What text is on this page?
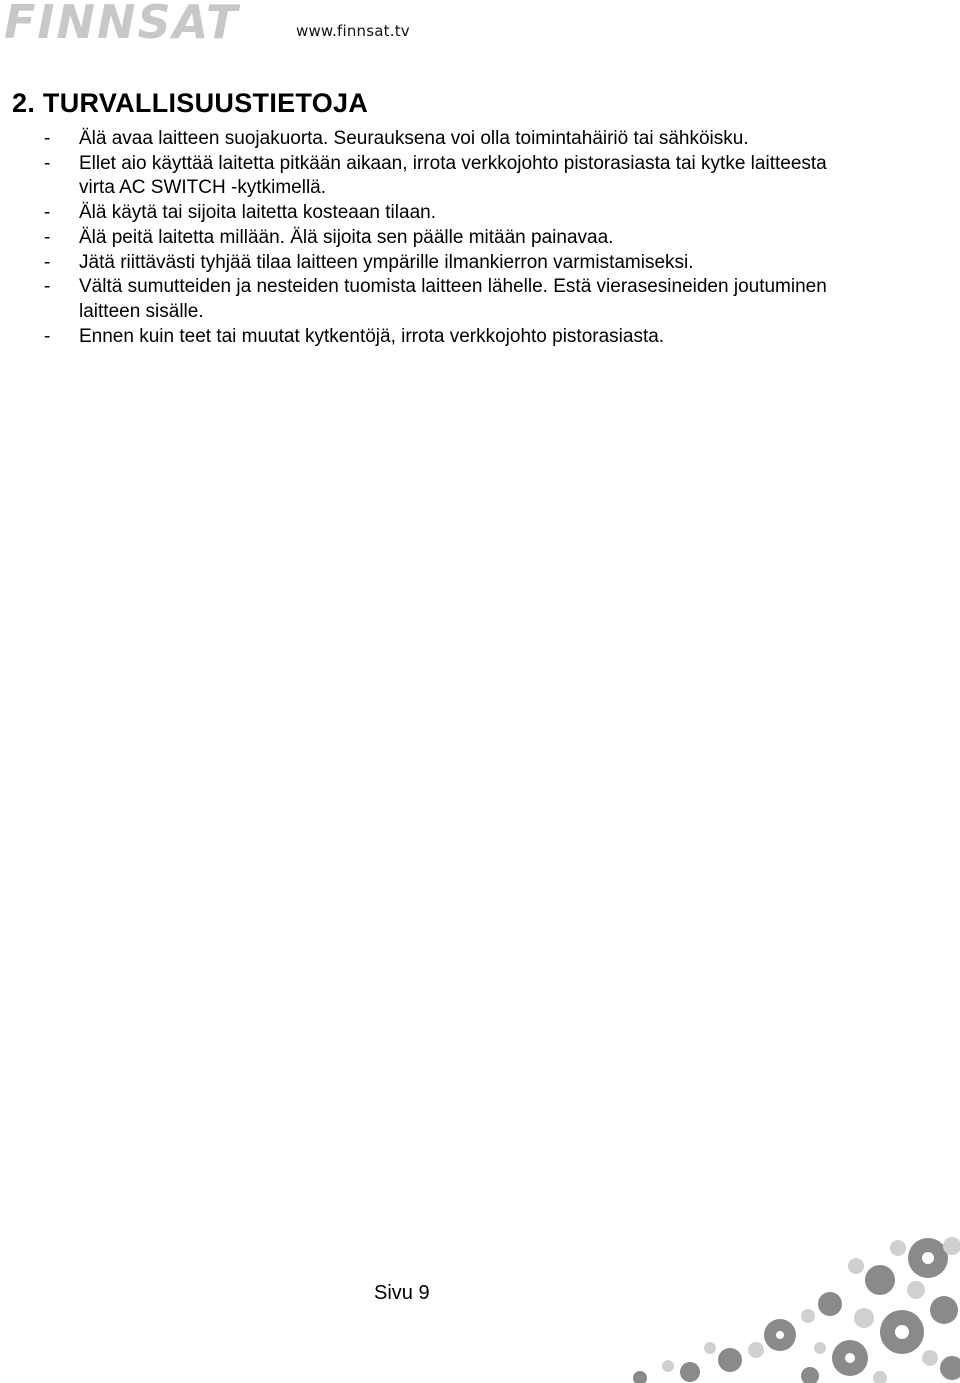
FINNSAT	www.finnsat.tv
2. TURVALLISUUSTIETOJA
- Älä avaa laitteen suojakuorta. Seurauksena voi olla toimintahäiriö tai sähköisku.
- Ellet aio käyttää laitetta pitkään aikaan, irrota verkkojohto pistorasiasta tai kytke laitteesta virta AC SWITCH -kytkimellä.
- Älä käytä tai sijoita laitetta kosteaan tilaan.
- Älä peitä laitetta millään. Älä sijoita sen päälle mitään painavaa.
- Jätä riittävästi tyhjää tilaa laitteen ympärille ilmankierron varmistamiseksi.
- Vältä sumutteiden ja nesteiden tuomista laitteen lähelle. Estä vierasesineiden joutuminen laitteen sisälle.
- Ennen kuin teet tai muutat kytkentöjä, irrota verkkojohto pistorasiasta.
Sivu 9
